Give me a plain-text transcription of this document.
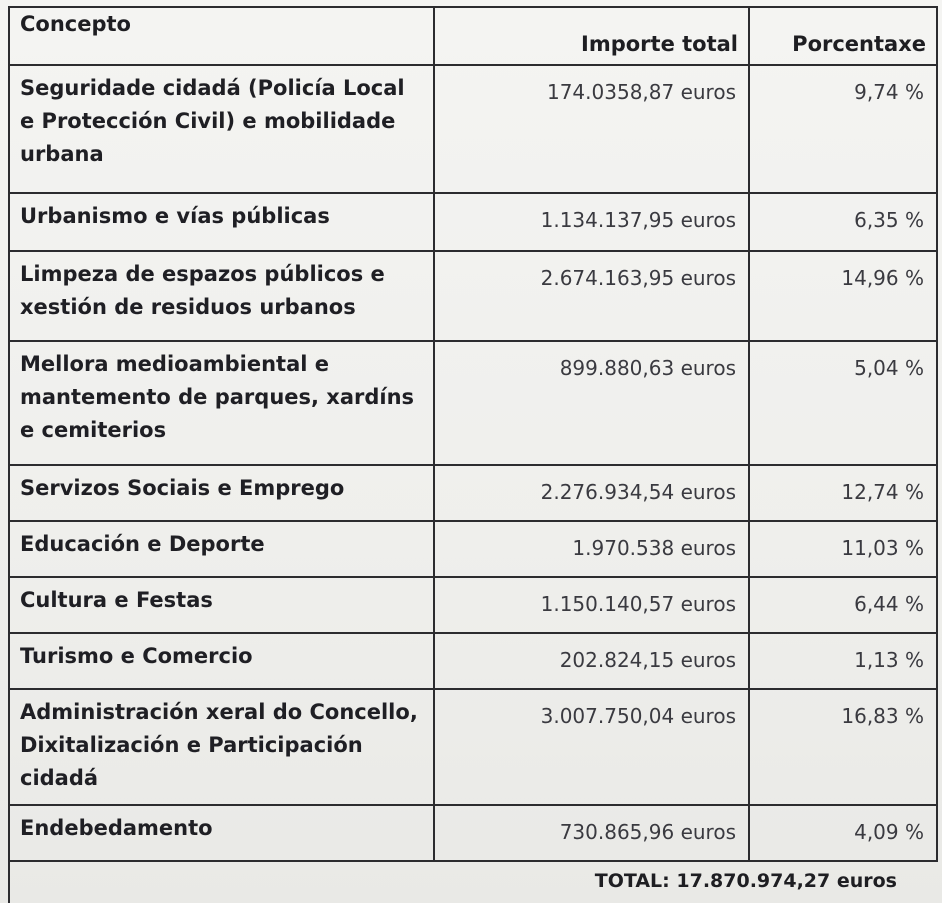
Concepto	Importe total	Porcentaxe
Seguridade cidadá (Policía Local e Protección Civil) e mobilidade urbana	174.0358,87 euros	9,74 %
Urbanismo e vías públicas	1.134.137,95 euros	6,35 %
Limpeza de espazos públicos e xestión de residuos urbanos	2.674.163,95 euros	14,96 %
Mellora medioambiental e mantemento de parques, xardíns e cemiterios	899.880,63 euros	5,04 %
Servizos Sociais e Emprego	2.276.934,54 euros	12,74 %
Educación e Deporte	1.970.538 euros	11,03 %
Cultura e Festas	1.150.140,57 euros	6,44 %
Turismo e Comercio	202.824,15 euros	1,13 %
Administración xeral do Concello, Dixitalización e Participación cidadá	3.007.750,04 euros	16,83 %
Endebedamento	730.865,96 euros	4,09 %
TOTAL: 17.870.974,27 euros		
